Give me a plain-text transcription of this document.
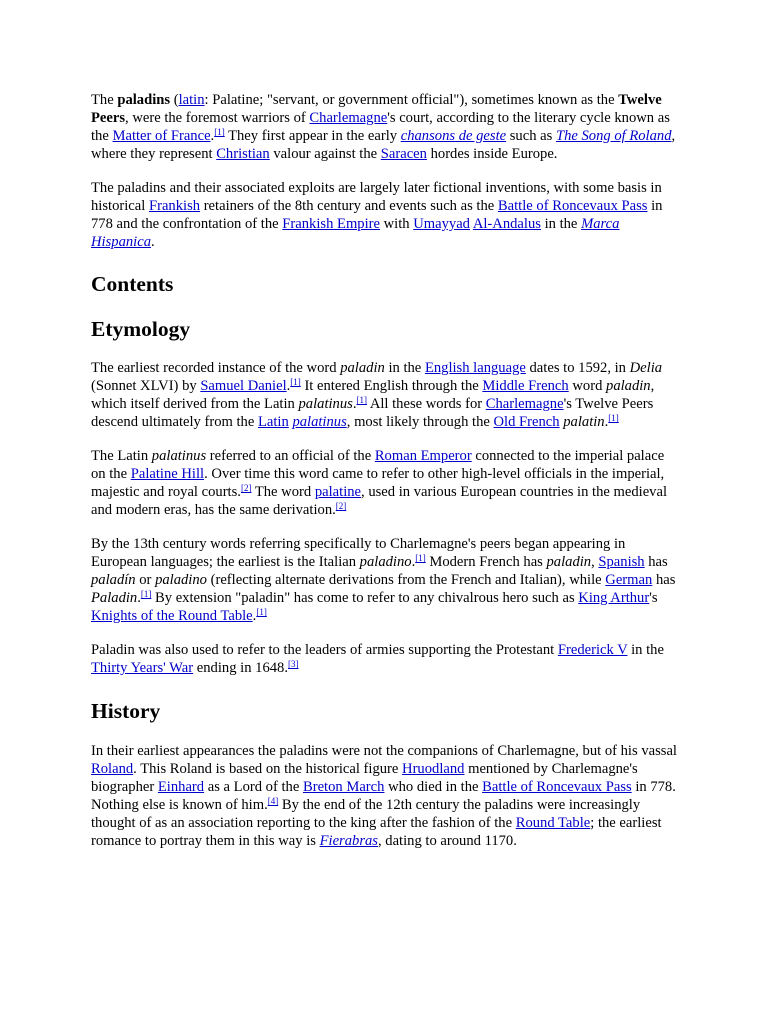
The paladins (latin: Palatine; "servant, or government official"), sometimes known as the Twelve Peers, were the foremost warriors of Charlemagne's court, according to the literary cycle known as the Matter of France.[1] They first appear in the early chansons de geste such as The Song of Roland, where they represent Christian valour against the Saracen hordes inside Europe.

The paladins and their associated exploits are largely later fictional inventions, with some basis in historical Frankish retainers of the 8th century and events such as the Battle of Roncevaux Pass in 778 and the confrontation of the Frankish Empire with Umayyad Al-Andalus in the Marca Hispanica.

Contents
Etymology

The earliest recorded instance of the word paladin in the English language dates to 1592, in Delia (Sonnet XLVI) by Samuel Daniel.[1] It entered English through the Middle French word paladin, which itself derived from the Latin palatinus.[1] All these words for Charlemagne's Twelve Peers descend ultimately from the Latin palatinus, most likely through the Old French palatin.[1]

The Latin palatinus referred to an official of the Roman Emperor connected to the imperial palace on the Palatine Hill. Over time this word came to refer to other high-level officials in the imperial, majestic and royal courts.[2] The word palatine, used in various European countries in the medieval and modern eras, has the same derivation.[2]

By the 13th century words referring specifically to Charlemagne's peers began appearing in European languages; the earliest is the Italian paladino.[1] Modern French has paladin, Spanish has paladín or paladino (reflecting alternate derivations from the French and Italian), while German has Paladin.[1] By extension "paladin" has come to refer to any chivalrous hero such as King Arthur's Knights of the Round Table.[1]

Paladin was also used to refer to the leaders of armies supporting the Protestant Frederick V in the Thirty Years' War ending in 1648.[3]

History

In their earliest appearances the paladins were not the companions of Charlemagne, but of his vassal Roland. This Roland is based on the historical figure Hruodland mentioned by Charlemagne's biographer Einhard as a Lord of the Breton March who died in the Battle of Roncevaux Pass in 778. Nothing else is known of him.[4] By the end of the 12th century the paladins were increasingly thought of as an association reporting to the king after the fashion of the Round Table; the earliest romance to portray them in this way is Fierabras, dating to around 1170.
